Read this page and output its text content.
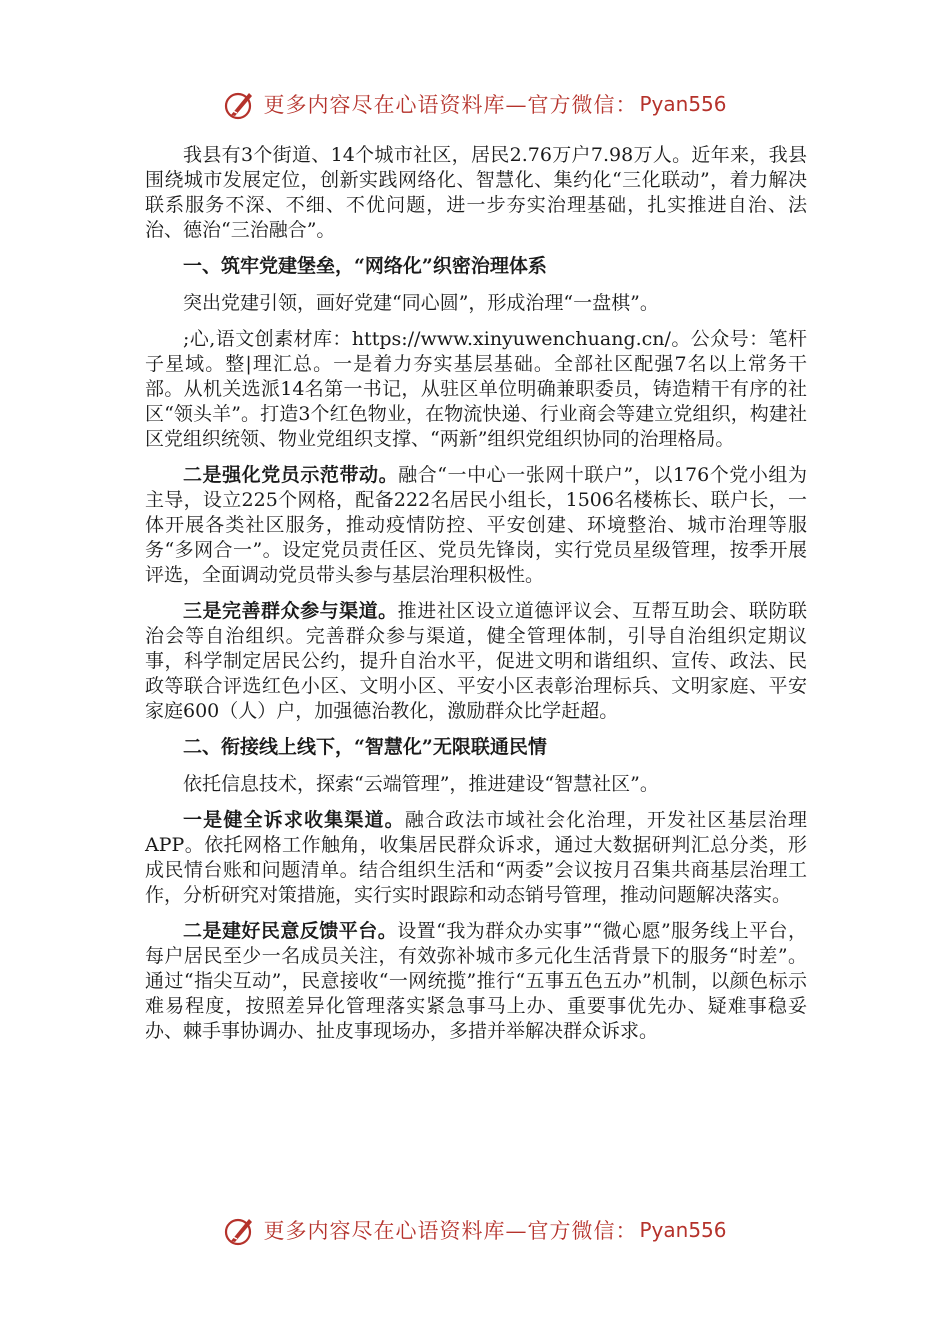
更多内容尽在心语资料库—官方微信： Pyan556

我县有3个街道、14个城市社区，居民2.76万户7.98万人。近年来，我县围绕城市发展定位，创新实践网络化、智慧化、集约化“三化联动”，着力解决联系服务不深、不细、不优问题，进一步夯实治理基础，扎实推进自治、法治、德治“三治融合”。

一、筑牢党建堡垒，“网络化”织密治理体系

突出党建引领，画好党建“同心圆”，形成治理“一盘棋”。

;心,语文创素材库：https://www.xinyuwenchuang.cn/。公众号：笔杆子星域。整|理汇总。一是着力夯实基层基础。全部社区配强7名以上常务干部。从机关选派14名第一书记，从驻区单位明确兼职委员，铸造精干有序的社区“领头羊”。打造3个红色物业，在物流快递、行业商会等建立党组织，构建社区党组织统领、物业党组织支撑、“两新”组织党组织协同的治理格局。

二是强化党员示范带动。融合“一中心一张网十联户”，以176个党小组为主导，设立225个网格，配备222名居民小组长，1506名楼栋长、联户长，一体开展各类社区服务，推动疫情防控、平安创建、环境整治、城市治理等服务“多网合一”。设定党员责任区、党员先锋岗，实行党员星级管理，按季开展评选，全面调动党员带头参与基层治理积极性。

三是完善群众参与渠道。推进社区设立道德评议会、互帮互助会、联防联治会等自治组织。完善群众参与渠道，健全管理体制，引导自治组织定期议事，科学制定居民公约，提升自治水平，促进文明和谐组织、宣传、政法、民政等联合评选红色小区、文明小区、平安小区表彰治理标兵、文明家庭、平安家庭600（人）户，加强德治教化，激励群众比学赶超。

二、衔接线上线下，“智慧化”无限联通民情

依托信息技术，探索“云端管理”，推进建设“智慧社区”。

一是健全诉求收集渠道。融合政法市域社会化治理，开发社区基层治理APP。依托网格工作触角，收集居民群众诉求，通过大数据研判汇总分类，形成民情台账和问题清单。结合组织生活和“两委”会议按月召集共商基层治理工作，分析研究对策措施，实行实时跟踪和动态销号管理，推动问题解决落实。

二是建好民意反馈平台。设置“我为群众办实事”“微心愿”服务线上平台，每户居民至少一名成员关注，有效弥补城市多元化生活背景下的服务“时差”。通过“指尖互动”，民意接收“一网统揽”推行“五事五色五办”机制，以颜色标示难易程度，按照差异化管理落实紧急事马上办、重要事优先办、疑难事稳妥办、棘手事协调办、扯皮事现场办，多措并举解决群众诉求。

更多内容尽在心语资料库—官方微信： Pyan556
